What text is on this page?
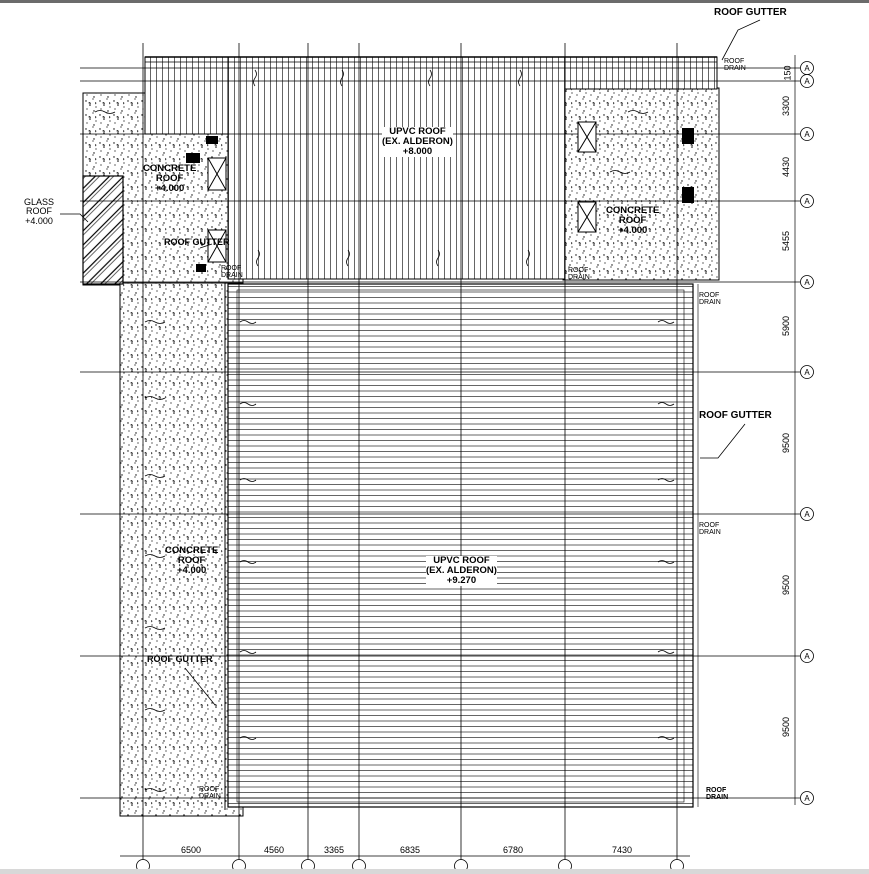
A
A
A
A
A
A
A
A
A
ROOF GUTTER
ROOF GUTTER
ROOF GUTTER
ROOF GUTTER
ROOF
DRAIN
ROOF
DRAIN
ROOF
DRAIN
ROOF
DRAIN
ROOF
DRAIN
ROOF
DRAIN
ROOF
DRAIN
GLASS
ROOF
+4.000
CONCRETE
ROOF
+4.000
CONCRETE
ROOF
+4.000
CONCRETE
ROOF
+4.000
UPVC ROOF
(EX. ALDERON)
+8.000
UPVC ROOF
(EX. ALDERON)
+9.270
6500	4560	3365	6835	6780	7430
150
3300
4430
5455
5900
9500
9500
9500
